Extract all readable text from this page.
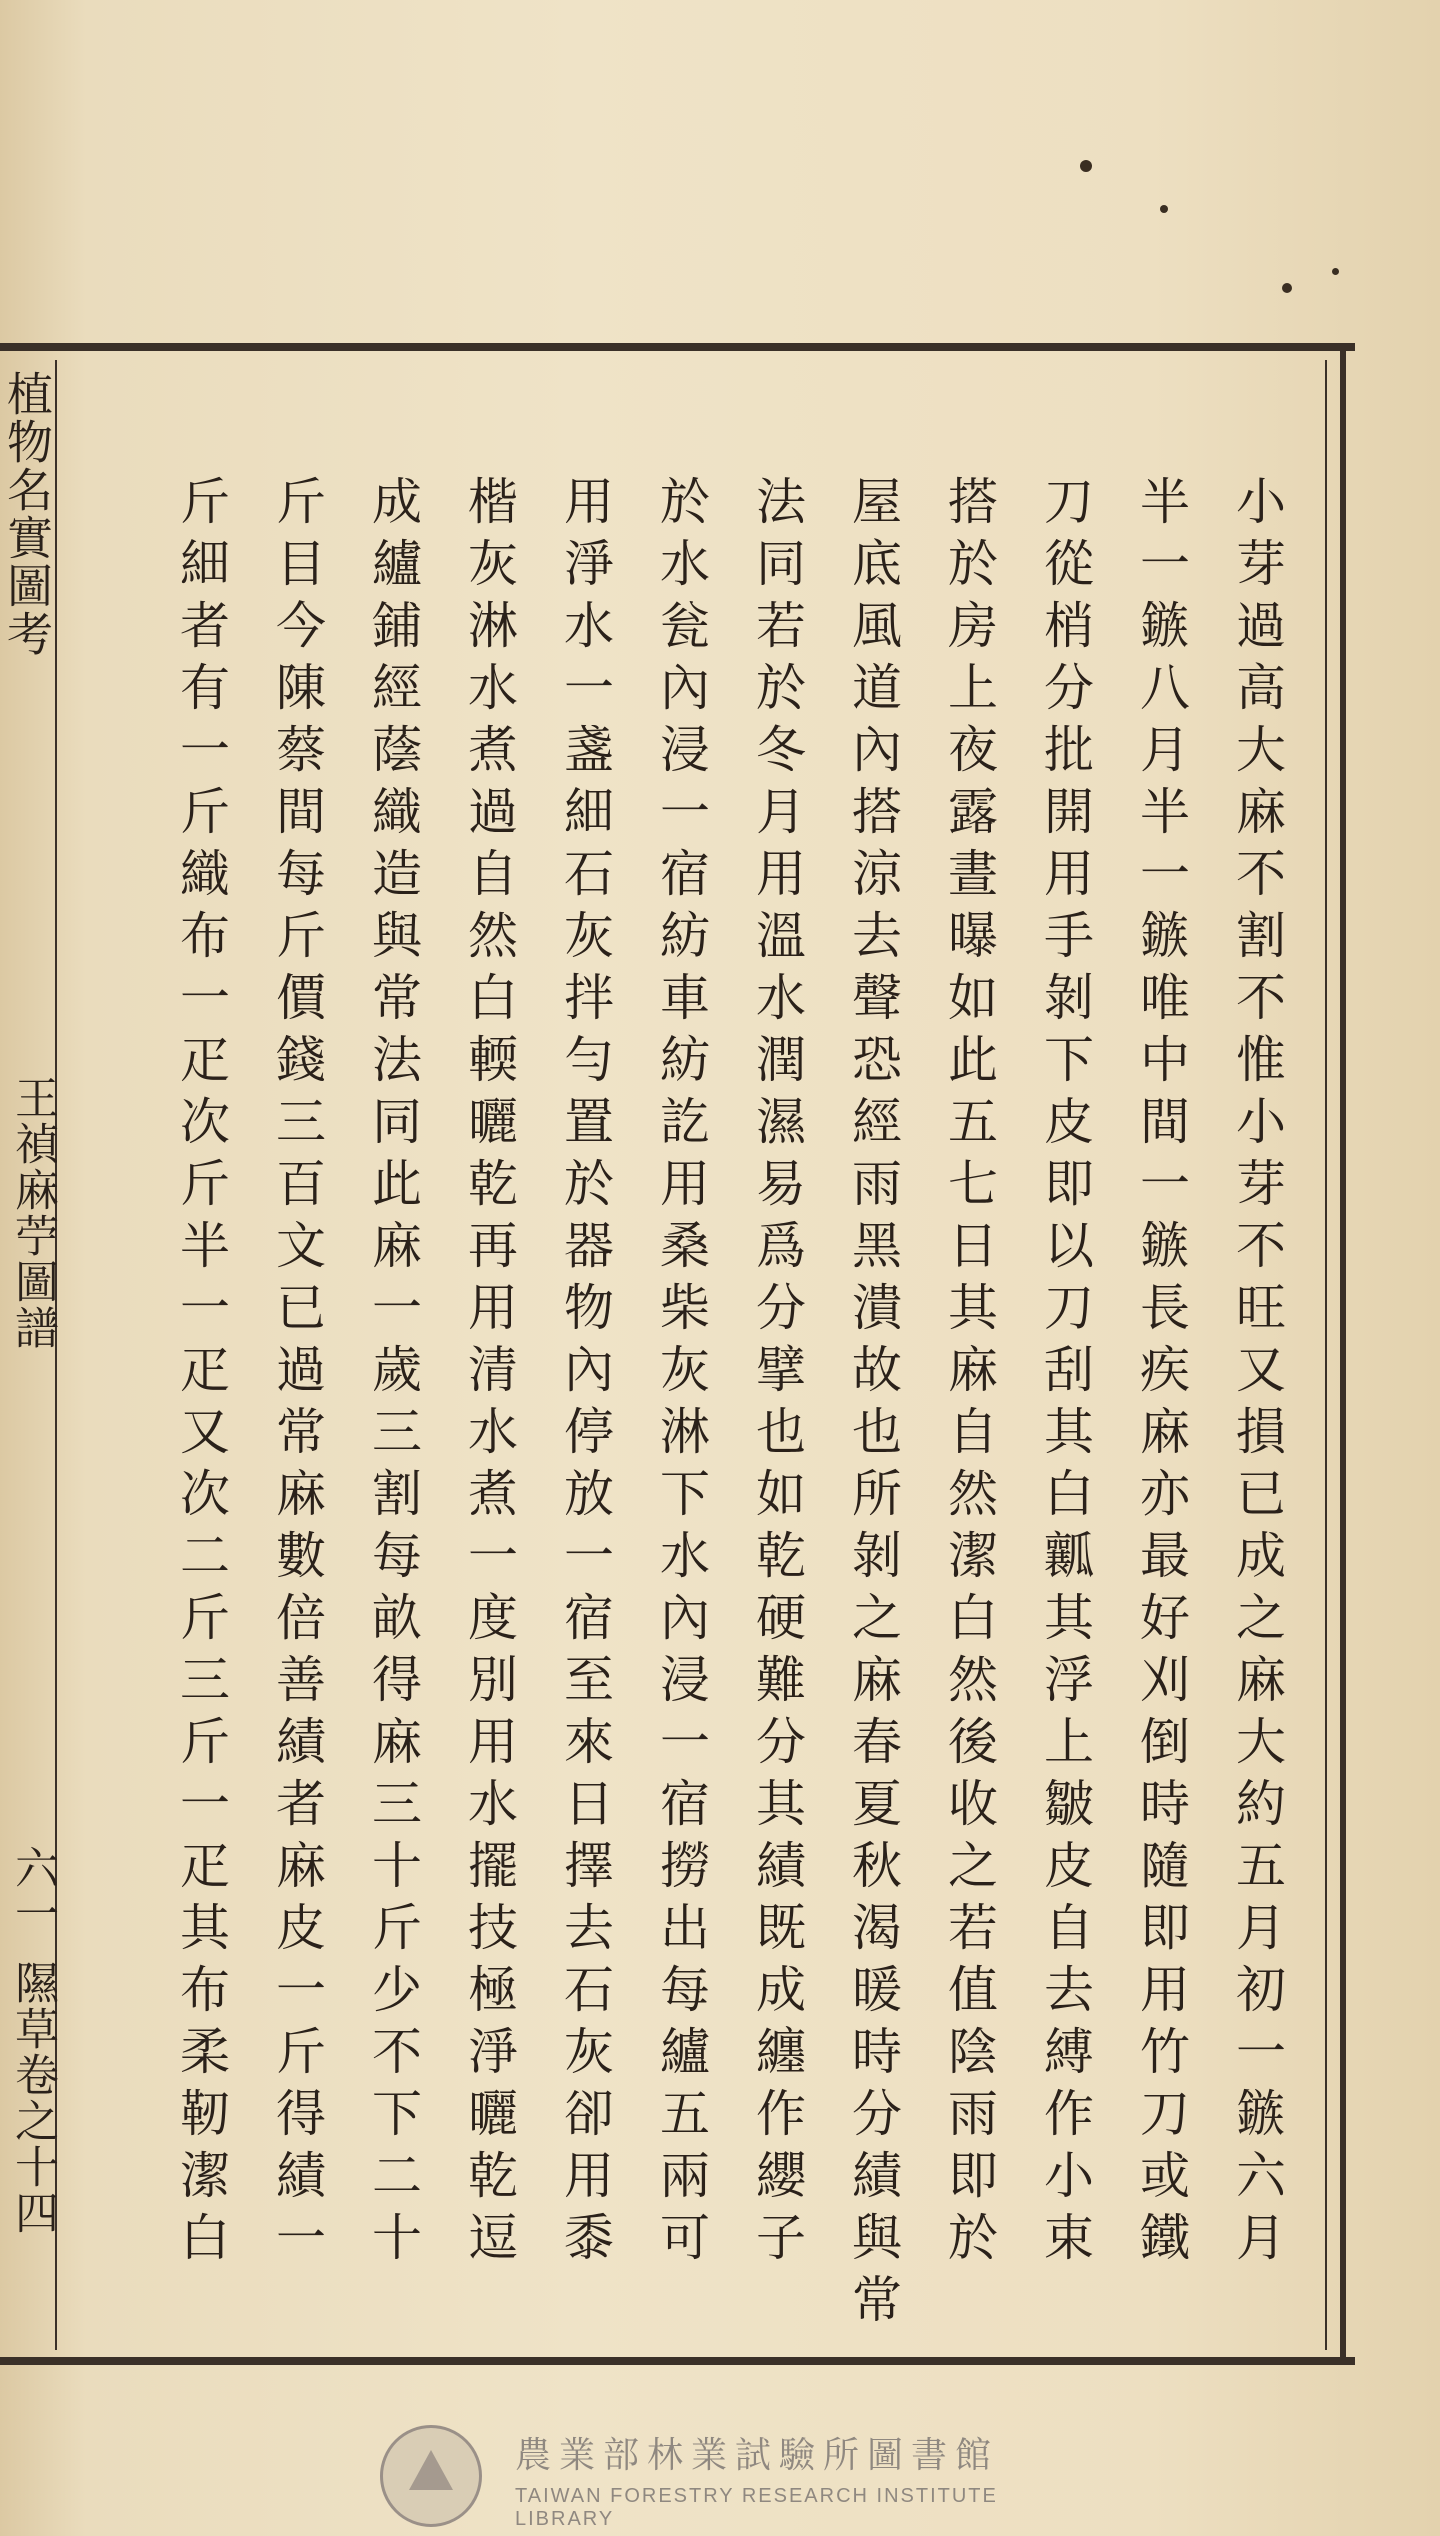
植物名實圖考
王禎麻苧圖譜
六一
隰草卷之十四	小芽過高大麻不割不惟小芽不旺又損已成之麻大約五月初一鏃六月
半一鏃八月半一鏃唯中間一鏃長疾麻亦最好刈倒時隨即用竹刀或鐵
刀從梢分批開用手剝下皮即以刀刮其白瓤其浮上皺皮自去縛作小束
搭於房上夜露晝曝如此五七日其麻自然潔白然後收之若值陰雨即於
屋底風道內搭涼去聲恐經雨黑潰故也所剝之麻春夏秋渴暖時分績與常
法同若於冬月用溫水潤濕易爲分擘也如乾硬難分其績既成纏作纓子
於水瓮內浸一宿紡車紡訖用桑柴灰淋下水內浸一宿撈出每纑五兩可
用淨水一盞細石灰拌勻置於器物內停放一宿至來日擇去石灰卻用黍
楷灰淋水煮過自然白輭曬乾再用清水煮一度別用水擺技極淨曬乾逗
成纑鋪經蔭織造與常法同此麻一歲三割每畝得麻三十斤少不下二十
斤目今陳蔡間每斤價錢三百文已過常麻數倍善績者麻皮一斤得績一
斤細者有一斤織布一疋次斤半一疋又次二斤三斤一疋其布柔靭潔白
農業部林業試驗所圖書館
TAIWAN FORESTRY RESEARCH INSTITUTE LIBRARY
